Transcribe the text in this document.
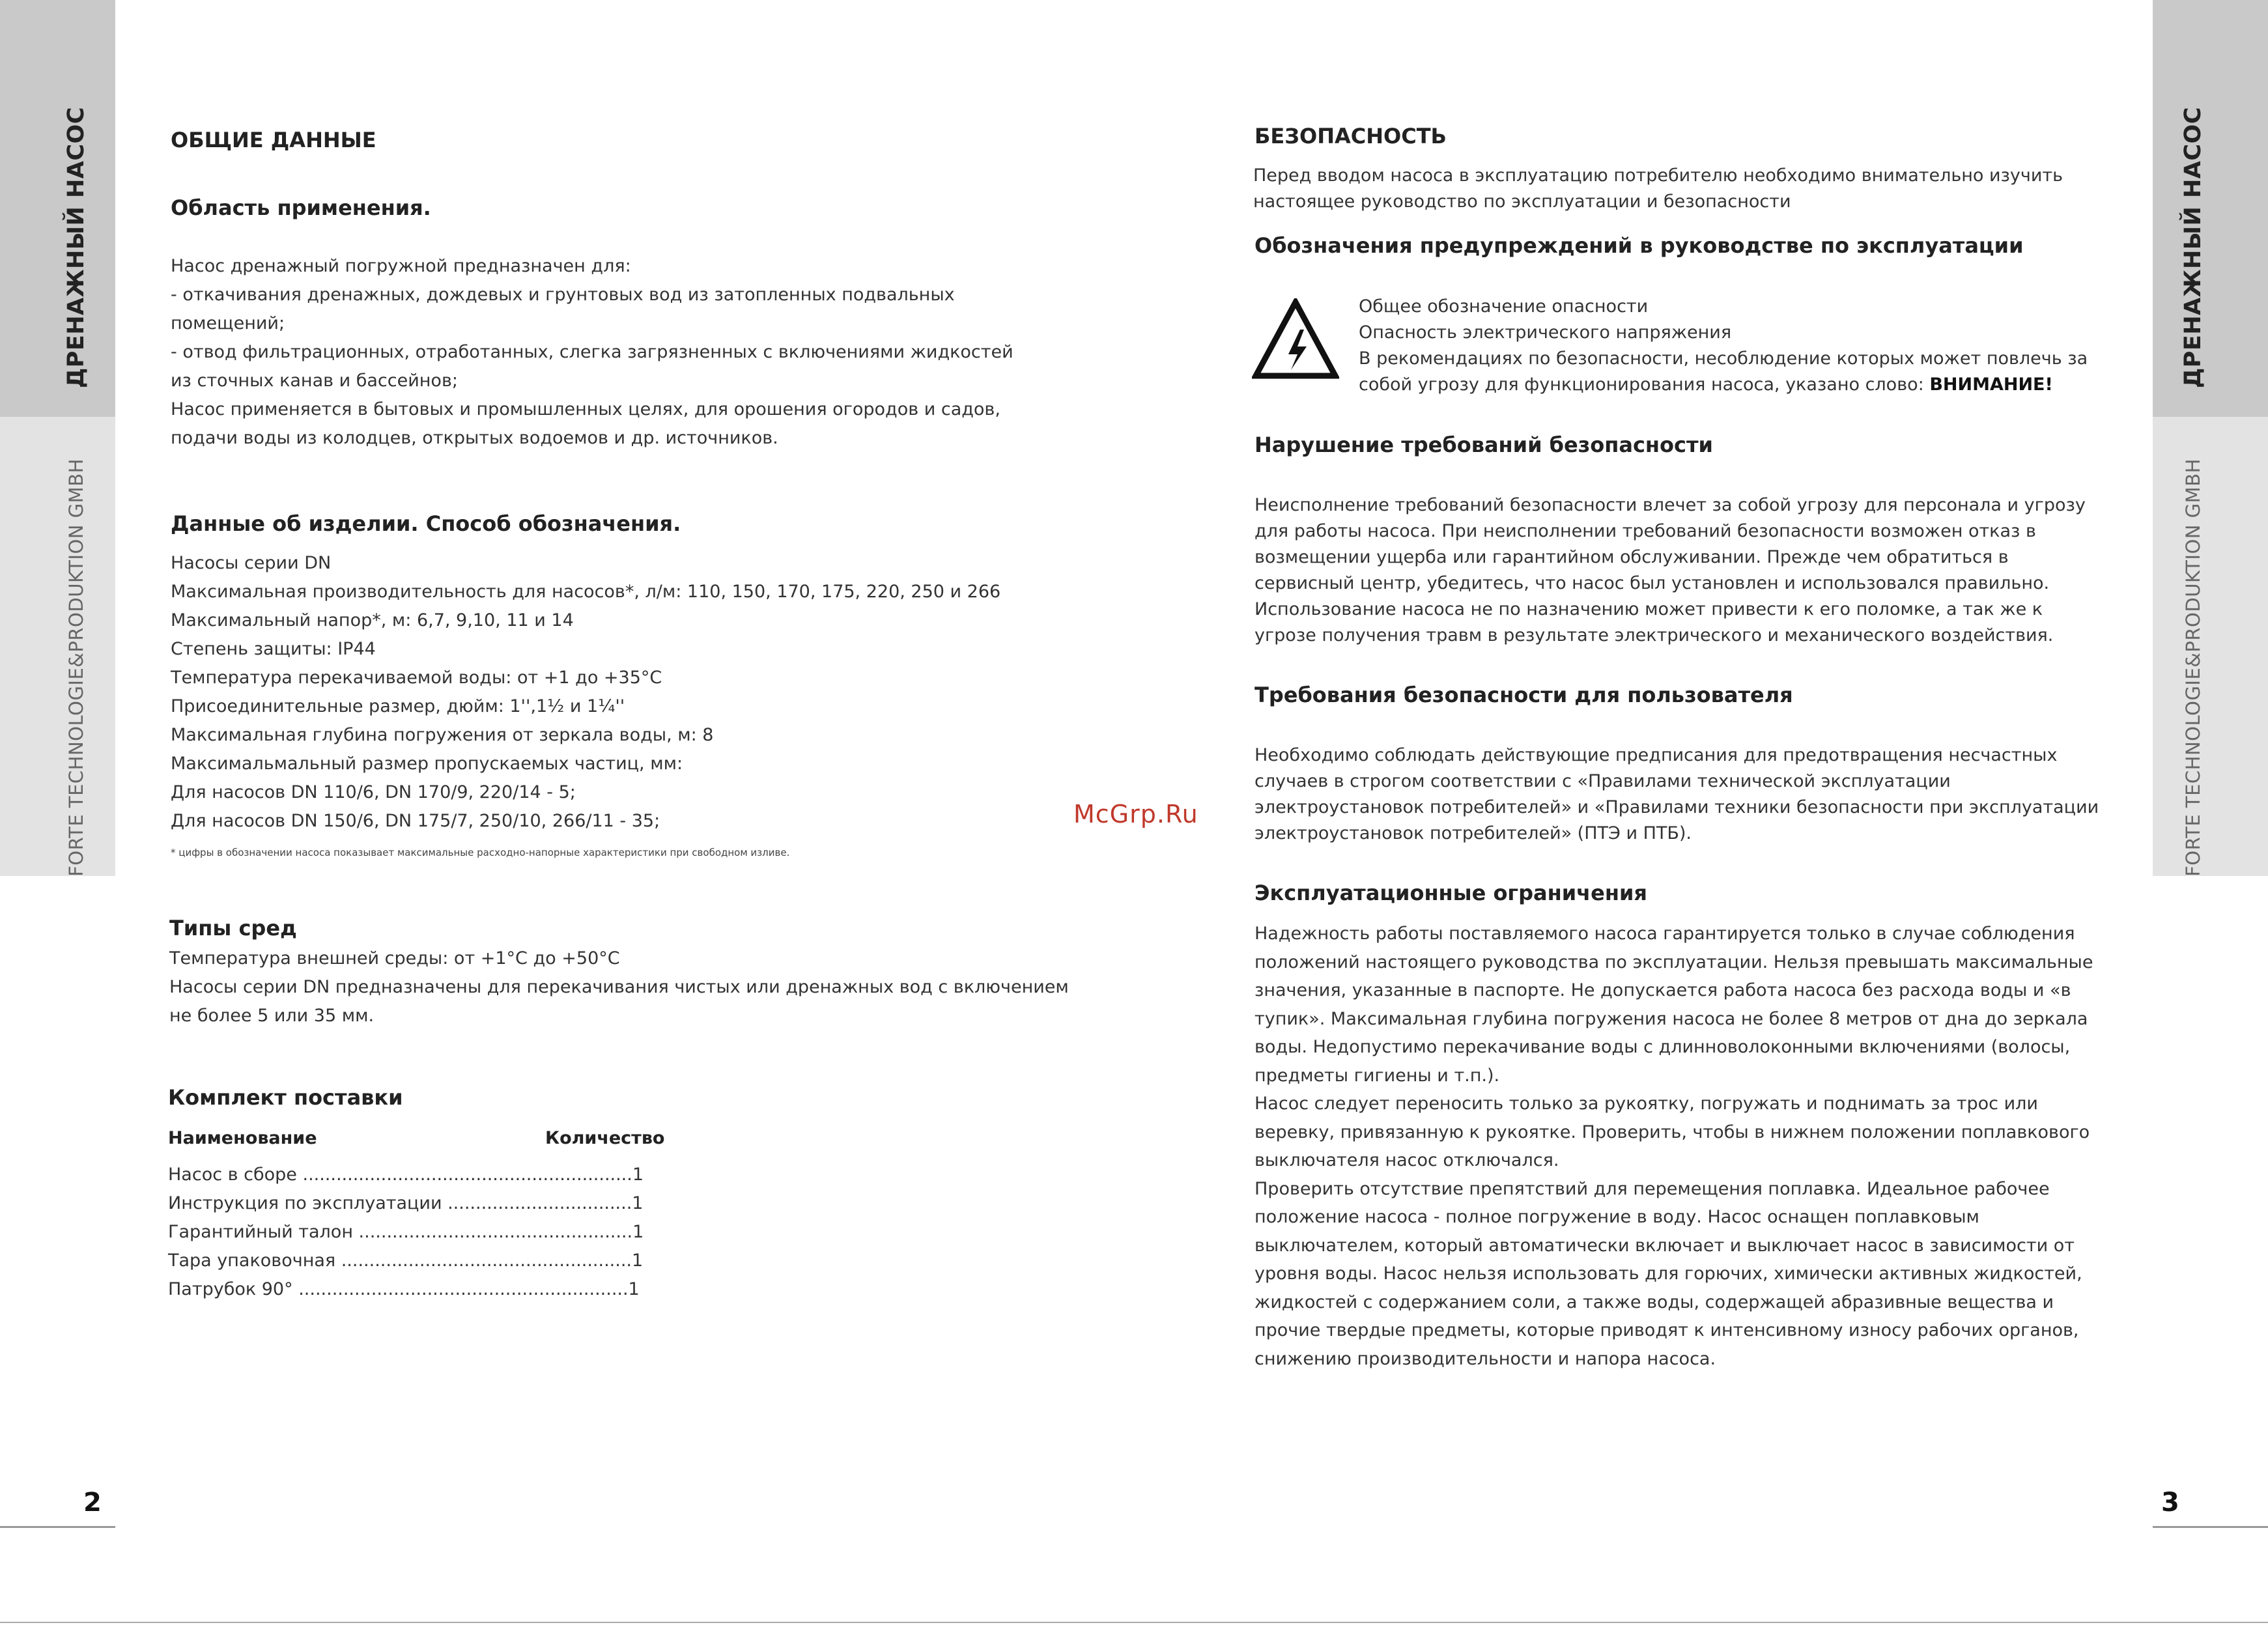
ДРЕНАЖНЫЙ НАСОС
FORTE TECHNOLOGIE&PRODUKTION GMBH
ДРЕНАЖНЫЙ НАСОС
FORTE TECHNOLOGIE&PRODUKTION GMBH
2	3
McGrp.Ru
ОБЩИЕ ДАННЫЕ
Область применения.
Насос дренажный погружной предназначен для:
- откачивания дренажных, дождевых и грунтовых вод из затопленных подвальных
помещений;
- отвод фильтрационных, отработанных, слегка загрязненных с включениями жидкостей
из сточных канав и бассейнов;
Насос применяется в бытовых и промышленных целях, для орошения огородов и садов,
подачи воды из колодцев, открытых водоемов и др. источников.
Данные об изделии. Способ обозначения.
Насосы серии DN
Максимальная производительность для насосов*, л/м: 110, 150, 170, 175, 220, 250 и 266
Максимальный напор*, м: 6,7, 9,10, 11 и 14
Степень защиты: IP44
Температура перекачиваемой воды: от +1 до +35°С
Присоединительные размер, дюйм: 1'',1½ и 1¼''
Максимальная глубина погружения от зеркала воды, м: 8
Максимальмальный размер пропускаемых частиц, мм:
Для насосов DN 110/6, DN 170/9, 220/14 - 5;
Для насосов DN 150/6, DN 175/7, 250/10, 266/11 - 35;
* цифры в обозначении насоса показывает максимальные расходно-напорные характеристики при свободном изливе.
Типы сред
Температура внешней среды: от +1°С до +50°С
Насосы серии DN предназначены для перекачивания чистых или дренажных вод с включением
не более 5 или 35 мм.
Комплект поставки
Наименование	Количество
Насос в сборе ...........................................................1
Инструкция по эксплуатации .................................1
Гарантийный талон .................................................1
Тара упаковочная ....................................................1
Патрубок 90° ...........................................................1
БЕЗОПАСНОСТЬ
Перед вводом насоса в эксплуатацию потребителю необходимо внимательно изучить
настоящее руководство по эксплуатации и безопасности
Обозначения предупреждений в руководстве по эксплуатации
Общее обозначение опасности
Опасность электрического напряжения
В рекомендациях по безопасности, несоблюдение которых может повлечь за
собой угрозу для функционирования насоса, указано слово: ВНИМАНИЕ!
Нарушение требований безопасности
Неисполнение требований безопасности влечет за собой угрозу для персонала и угрозу
для работы насоса. При неисполнении требований безопасности возможен отказ в
возмещении ущерба или гарантийном обслуживании. Прежде чем обратиться в
сервисный центр, убедитесь, что насос был установлен и использовался правильно.
Использование насоса не по назначению может привести к его поломке, а так же к
угрозе получения травм в результате электрического и механического воздействия.
Требования безопасности для пользователя
Необходимо соблюдать действующие предписания для предотвращения несчастных
случаев в строгом соответствии с «Правилами технической эксплуатации
электроустановок потребителей» и «Правилами техники безопасности при эксплуатации
электроустановок потребителей» (ПТЭ и ПТБ).
Эксплуатационные ограничения
Надежность работы поставляемого насоса гарантируется только в случае соблюдения
положений настоящего руководства по эксплуатации. Нельзя превышать максимальные
значения, указанные в паспорте. Не допускается работа насоса без расхода воды и «в
тупик». Максимальная глубина погружения насоса не более 8 метров от дна до зеркала
воды. Недопустимо перекачивание воды с длинноволоконными включениями (волосы,
предметы гигиены и т.п.).
Насос следует переносить только за рукоятку, погружать и поднимать за трос или
веревку, привязанную к рукоятке. Проверить, чтобы в нижнем положении поплавкового
выключателя насос отключался.
Проверить отсутствие препятствий для перемещения поплавка. Идеальное рабочее
положение насоса - полное погружение в воду. Насос оснащен поплавковым
выключателем, который автоматически включает и выключает насос в зависимости от
уровня воды. Насос нельзя использовать для горючих, химически активных жидкостей,
жидкостей с содержанием соли, а также воды, содержащей абразивные вещества и
прочие твердые предметы, которые приводят к интенсивному износу рабочих органов,
снижению производительности и напора насоса.
